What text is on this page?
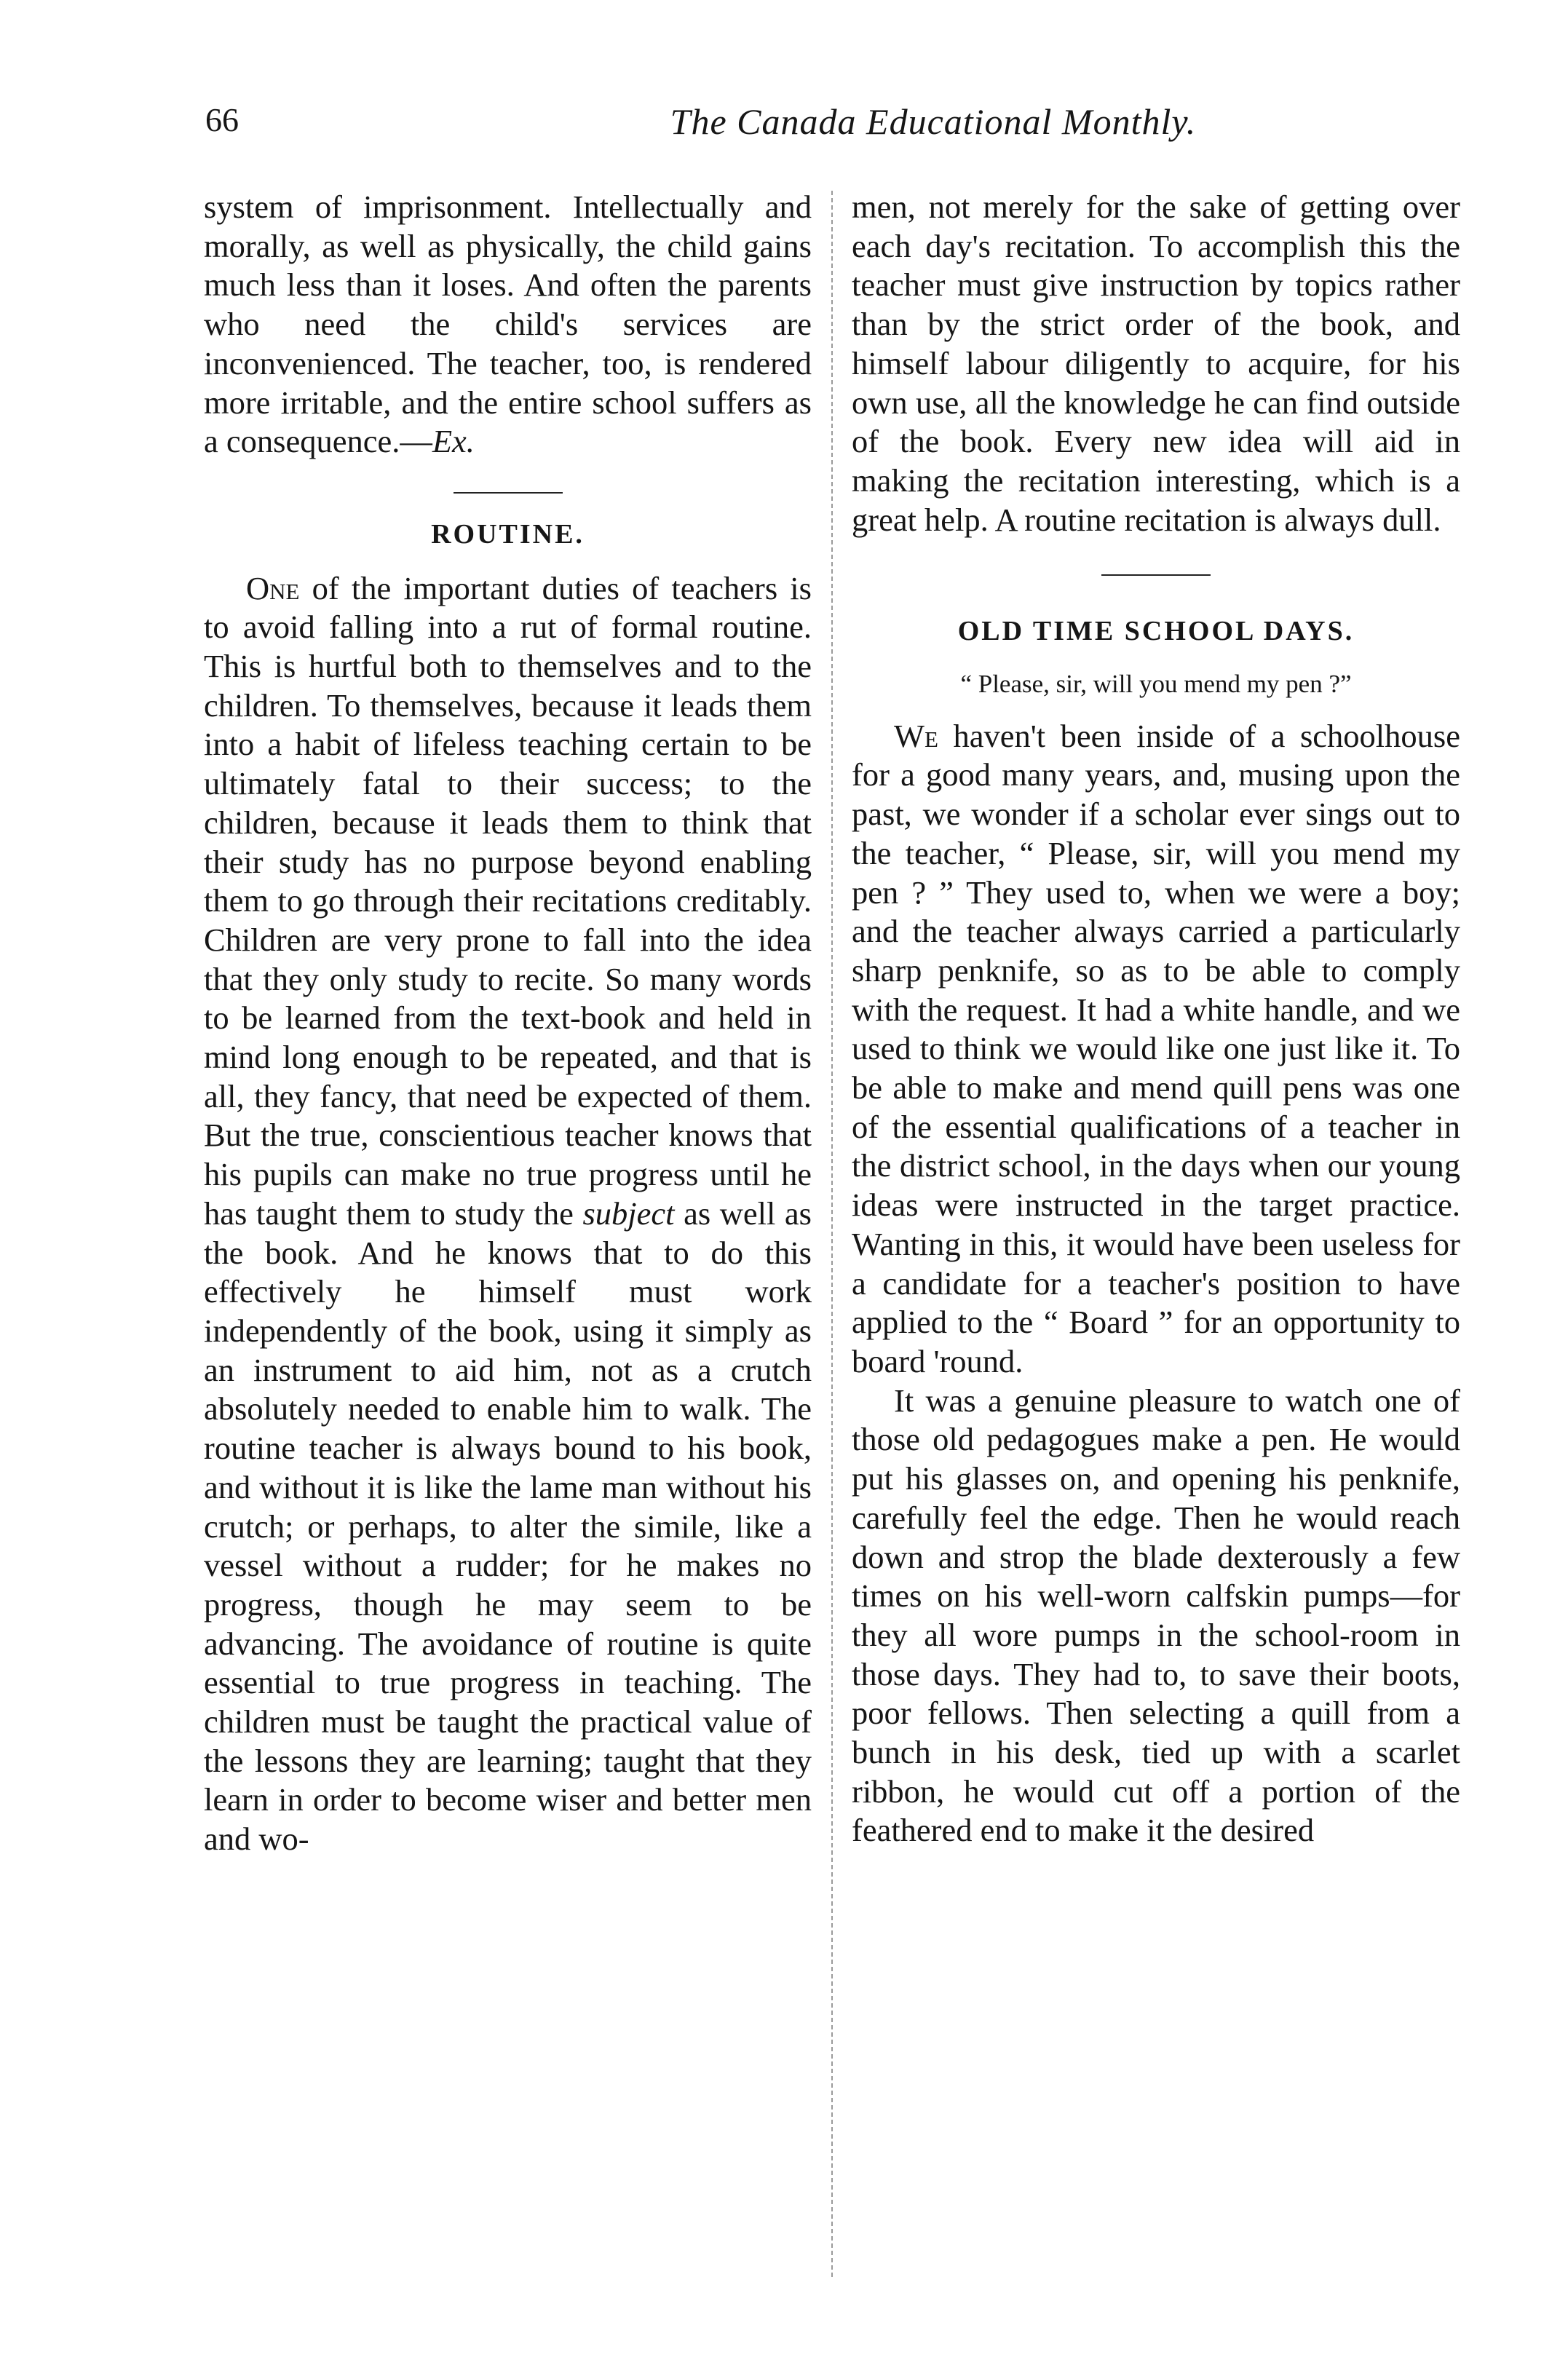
66	The Canada Educational Monthly.

system of imprisonment. Intellectually and morally, as well as physically, the child gains much less than it loses. And often the parents who need the child's services are inconvenienced. The teacher, too, is rendered more irritable, and the entire school suffers as a consequence.—Ex.

ROUTINE.

One of the important duties of teachers is to avoid falling into a rut of formal routine. This is hurtful both to themselves and to the children. To themselves, because it leads them into a habit of lifeless teaching certain to be ultimately fatal to their success; to the children, because it leads them to think that their study has no purpose beyond enabling them to go through their recitations creditably. Children are very prone to fall into the idea that they only study to recite. So many words to be learned from the text-book and held in mind long enough to be repeated, and that is all, they fancy, that need be expected of them. But the true, conscientious teacher knows that his pupils can make no true progress until he has taught them to study the subject as well as the book. And he knows that to do this effectively he himself must work independently of the book, using it simply as an instrument to aid him, not as a crutch absolutely needed to enable him to walk. The routine teacher is always bound to his book, and without it is like the lame man without his crutch; or perhaps, to alter the simile, like a vessel without a rudder; for he makes no progress, though he may seem to be advancing. The avoidance of routine is quite essential to true progress in teaching. The children must be taught the practical value of the lessons they are learning; taught that they learn in order to become wiser and better men and wo-

men, not merely for the sake of getting over each day's recitation. To accomplish this the teacher must give instruction by topics rather than by the strict order of the book, and himself labour diligently to acquire, for his own use, all the knowledge he can find outside of the book. Every new idea will aid in making the recitation interesting, which is a great help. A routine recitation is always dull.

OLD TIME SCHOOL DAYS.

“ Please, sir, will you mend my pen ?”

We haven't been inside of a schoolhouse for a good many years, and, musing upon the past, we wonder if a scholar ever sings out to the teacher, “ Please, sir, will you mend my pen ? ” They used to, when we were a boy; and the teacher always carried a particularly sharp penknife, so as to be able to comply with the request. It had a white handle, and we used to think we would like one just like it. To be able to make and mend quill pens was one of the essential qualifications of a teacher in the district school, in the days when our young ideas were instructed in the target practice. Wanting in this, it would have been useless for a candidate for a teacher's position to have applied to the “ Board ” for an opportunity to board 'round.

It was a genuine pleasure to watch one of those old pedagogues make a pen. He would put his glasses on, and opening his penknife, carefully feel the edge. Then he would reach down and strop the blade dexterously a few times on his well-worn calfskin pumps—for they all wore pumps in the school-room in those days. They had to, to save their boots, poor fellows. Then selecting a quill from a bunch in his desk, tied up with a scarlet ribbon, he would cut off a portion of the feathered end to make it the desired
